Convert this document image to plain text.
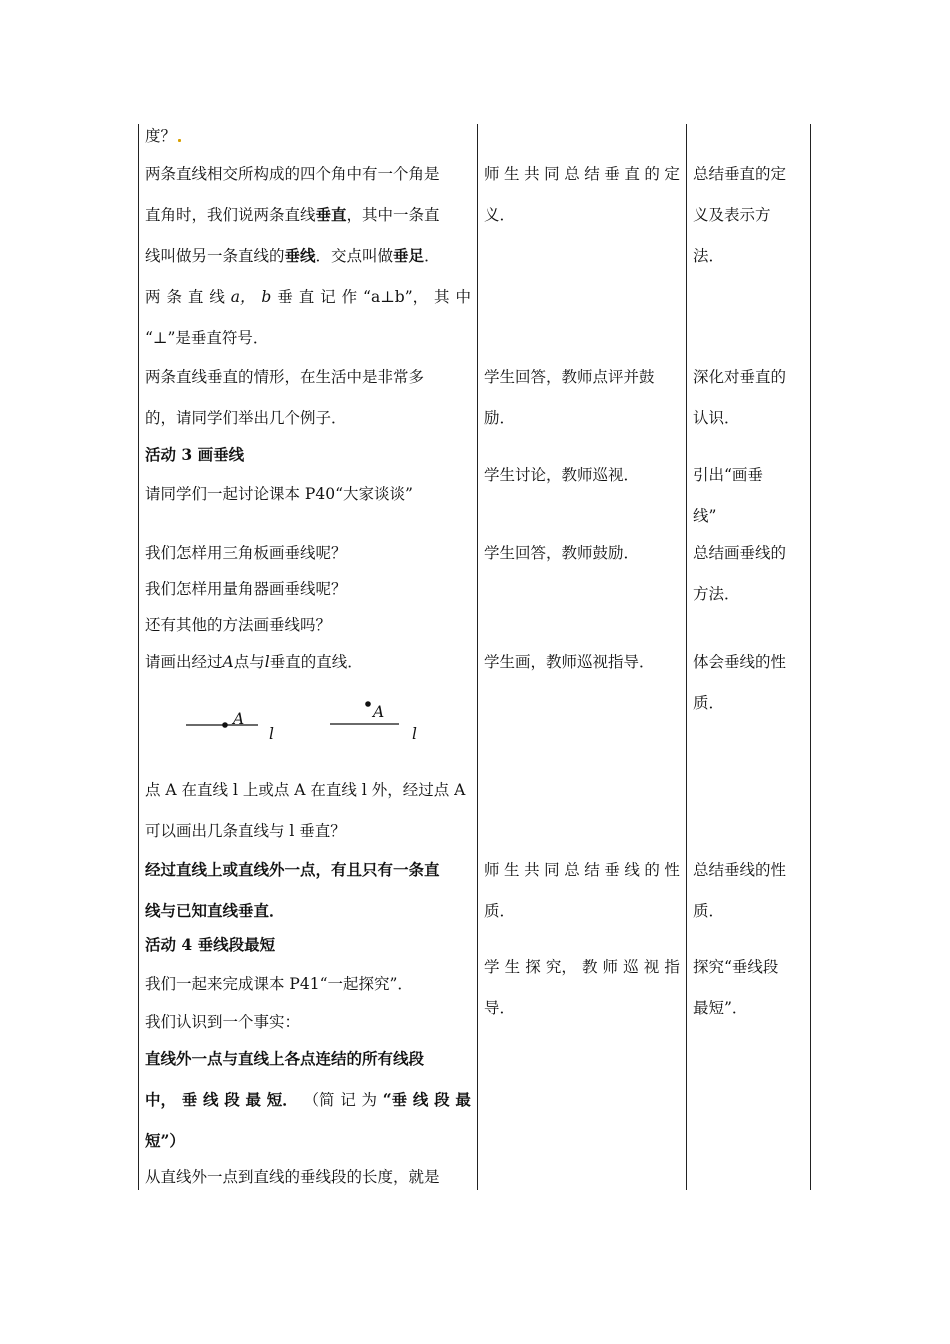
度？
两条直线相交所构成的四个角中有一个角是
直角时，我们说两条直线垂直，其中一条直
线叫做另一条直线的垂线．交点叫做垂足．
两 条 直 线 a， b 垂 直 记 作 “a⊥b”， 其 中
“⊥”是垂直符号．
两条直线垂直的情形，在生活中是非常多
的，请同学们举出几个例子．
活动 3 画垂线
请同学们一起讨论课本 P40“大家谈谈”
我们怎样用三角板画垂线呢？
我们怎样用量角器画垂线呢？
还有其他的方法画垂线吗？
请画出经过A点与l垂直的直线．
A
l
A
l
点 A 在直线 l 上或点 A 在直线 l 外，经过点 A
可以画出几条直线与 l 垂直？
经过直线上或直线外一点，有且只有一条直
线与已知直线垂直．
活动 4 垂线段最短
我们一起来完成课本 P41“一起探究”．
我们认识到一个事实：
直线外一点与直线上各点连结的所有线段
中， 垂 线 段 最 短． （简 记 为 “垂 线 段 最
短”）
从直线外一点到直线的垂线段的长度，就是
师 生 共 同 总 结 垂 直 的 定
义．
学生回答，教师点评并鼓
励．
学生讨论，教师巡视．
学生回答，教师鼓励．
学生画，教师巡视指导．
师 生 共 同 总 结 垂 线 的 性
质．
学 生 探 究， 教 师 巡 视 指
导．
总结垂直的定
义及表示方
法．
深化对垂直的
认识．
引出“画垂
线”
总结画垂线的
方法．
体会垂线的性
质．
总结垂线的性
质．
探究“垂线段
最短”．
